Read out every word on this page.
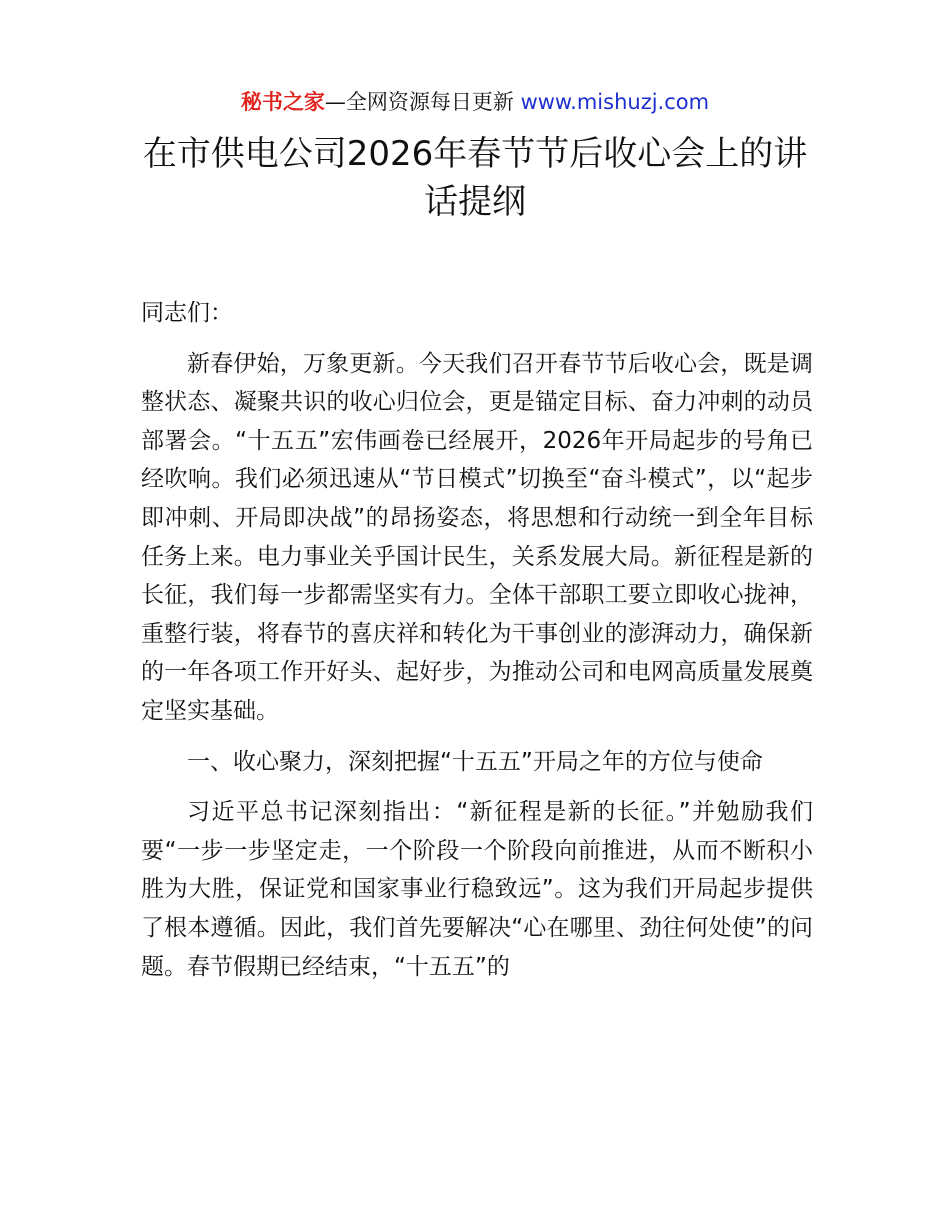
秘书之家—全网资源每日更新 www.mishuzj.com
在市供电公司2026年春节节后收心会上的讲话提纲

同志们：

新春伊始，万象更新。今天我们召开春节节后收心会，既是调整状态、凝聚共识的收心归位会，更是锚定目标、奋力冲刺的动员部署会。“十五五”宏伟画卷已经展开，2026年开局起步的号角已经吹响。我们必须迅速从“节日模式”切换至“奋斗模式”，以“起步即冲刺、开局即决战”的昂扬姿态，将思想和行动统一到全年目标任务上来。电力事业关乎国计民生，关系发展大局。新征程是新的长征，我们每一步都需坚实有力。全体干部职工要立即收心拢神，重整行装，将春节的喜庆祥和转化为干事创业的澎湃动力，确保新的一年各项工作开好头、起好步，为推动公司和电网高质量发展奠定坚实基础。

一、收心聚力，深刻把握“十五五”开局之年的方位与使命

习近平总书记深刻指出：“新征程是新的长征。”并勉励我们要“一步一步坚定走，一个阶段一个阶段向前推进，从而不断积小胜为大胜，保证党和国家事业行稳致远”。这为我们开局起步提供了根本遵循。因此，我们首先要解决“心在哪里、劲往何处使”的问题。春节假期已经结束，“十五五”的
